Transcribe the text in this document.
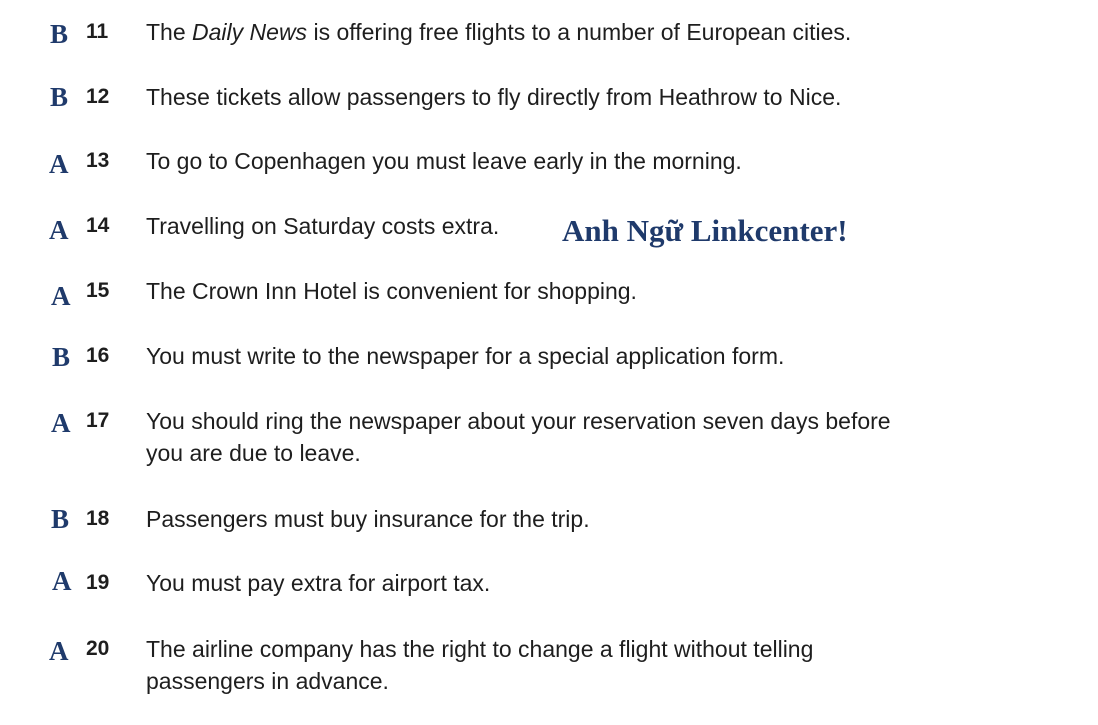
B 11 The Daily News is offering free flights to a number of European cities.
B 12 These tickets allow passengers to fly directly from Heathrow to Nice.
A 13 To go to Copenhagen you must leave early in the morning.
A 14 Travelling on Saturday costs extra. Anh Ngữ Linkcenter!
A 15 The Crown Inn Hotel is convenient for shopping.
B 16 You must write to the newspaper for a special application form.
A 17 You should ring the newspaper about your reservation seven days before
you are due to leave.
B 18 Passengers must buy insurance for the trip.
A 19 You must pay extra for airport tax.
A 20 The airline company has the right to change a flight without telling
passengers in advance.
